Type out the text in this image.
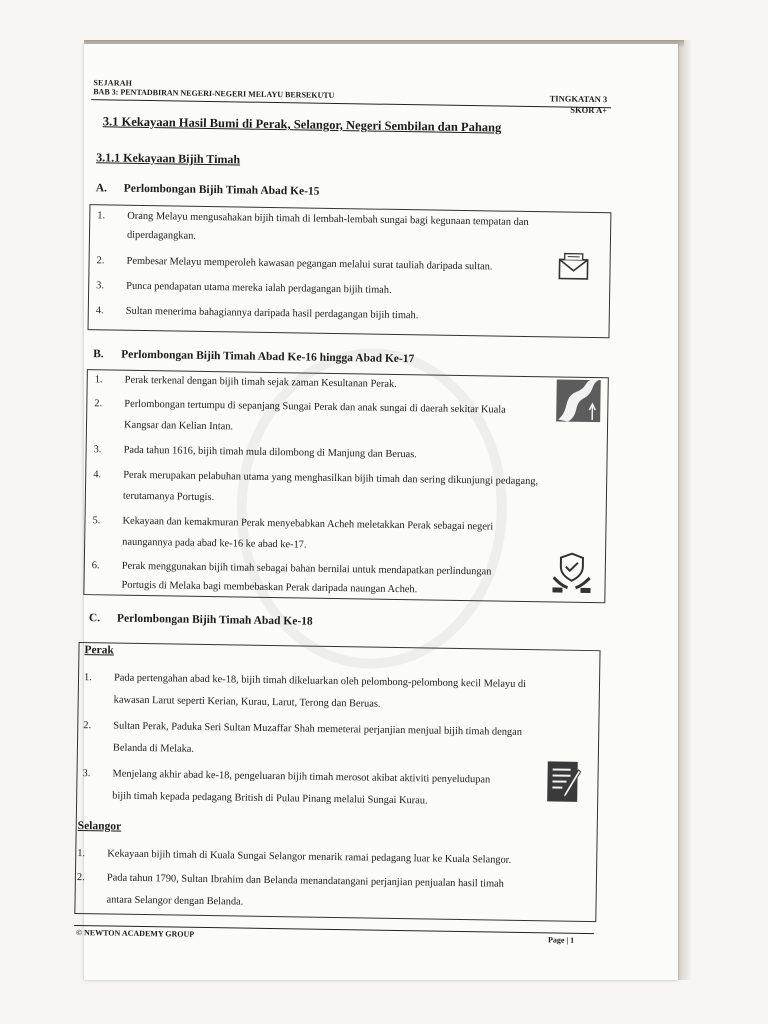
SEJARAH
BAB 3: PENTADBIRAN NEGERI-NEGERI MELAYU BERSEKUTU	TINGKATAN 3
SKOR A+
3.1 Kekayaan Hasil Bumi di Perak, Selangor, Negeri Sembilan dan Pahang
3.1.1 Kekayaan Bijih Timah
A. Perlombongan Bijih Timah Abad Ke-15
1. Orang Melayu mengusahakan bijih timah di lembah-lembah sungai bagi kegunaan tempatan dan
diperdagangkan.
2. Pembesar Melayu memperoleh kawasan pegangan melalui surat tauliah daripada sultan.
3. Punca pendapatan utama mereka ialah perdagangan bijih timah.
4. Sultan menerima bahagiannya daripada hasil perdagangan bijih timah.
B. Perlombongan Bijih Timah Abad Ke-16 hingga Abad Ke-17
1. Perak terkenal dengan bijih timah sejak zaman Kesultanan Perak.
2. Perlombongan tertumpu di sepanjang Sungai Perak dan anak sungai di daerah sekitar Kuala
Kangsar dan Kelian Intan.
3. Pada tahun 1616, bijih timah mula dilombong di Manjung dan Beruas.
4. Perak merupakan pelabuhan utama yang menghasilkan bijih timah dan sering dikunjungi pedagang,
terutamanya Portugis.
5. Kekayaan dan kemakmuran Perak menyebabkan Acheh meletakkan Perak sebagai negeri
naungannya pada abad ke-16 ke abad ke-17.
6. Perak menggunakan bijih timah sebagai bahan bernilai untuk mendapatkan perlindungan
Portugis di Melaka bagi membebaskan Perak daripada naungan Acheh.
C. Perlombongan Bijih Timah Abad Ke-18
Perak
1. Pada pertengahan abad ke-18, bijih timah dikeluarkan oleh pelombong-pelombong kecil Melayu di
kawasan Larut seperti Kerian, Kurau, Larut, Terong dan Beruas.
2. Sultan Perak, Paduka Seri Sultan Muzaffar Shah memeterai perjanjian menjual bijih timah dengan
Belanda di Melaka.
3. Menjelang akhir abad ke-18, pengeluaran bijih timah merosot akibat aktiviti penyeludupan
bijih timah kepada pedagang British di Pulau Pinang melalui Sungai Kurau.
Selangor
1. Kekayaan bijih timah di Kuala Sungai Selangor menarik ramai pedagang luar ke Kuala Selangor.
2. Pada tahun 1790, Sultan Ibrahim dan Belanda menandatangani perjanjian penjualan hasil timah
antara Selangor dengan Belanda.
© NEWTON ACADEMY GROUP
Page | 1
